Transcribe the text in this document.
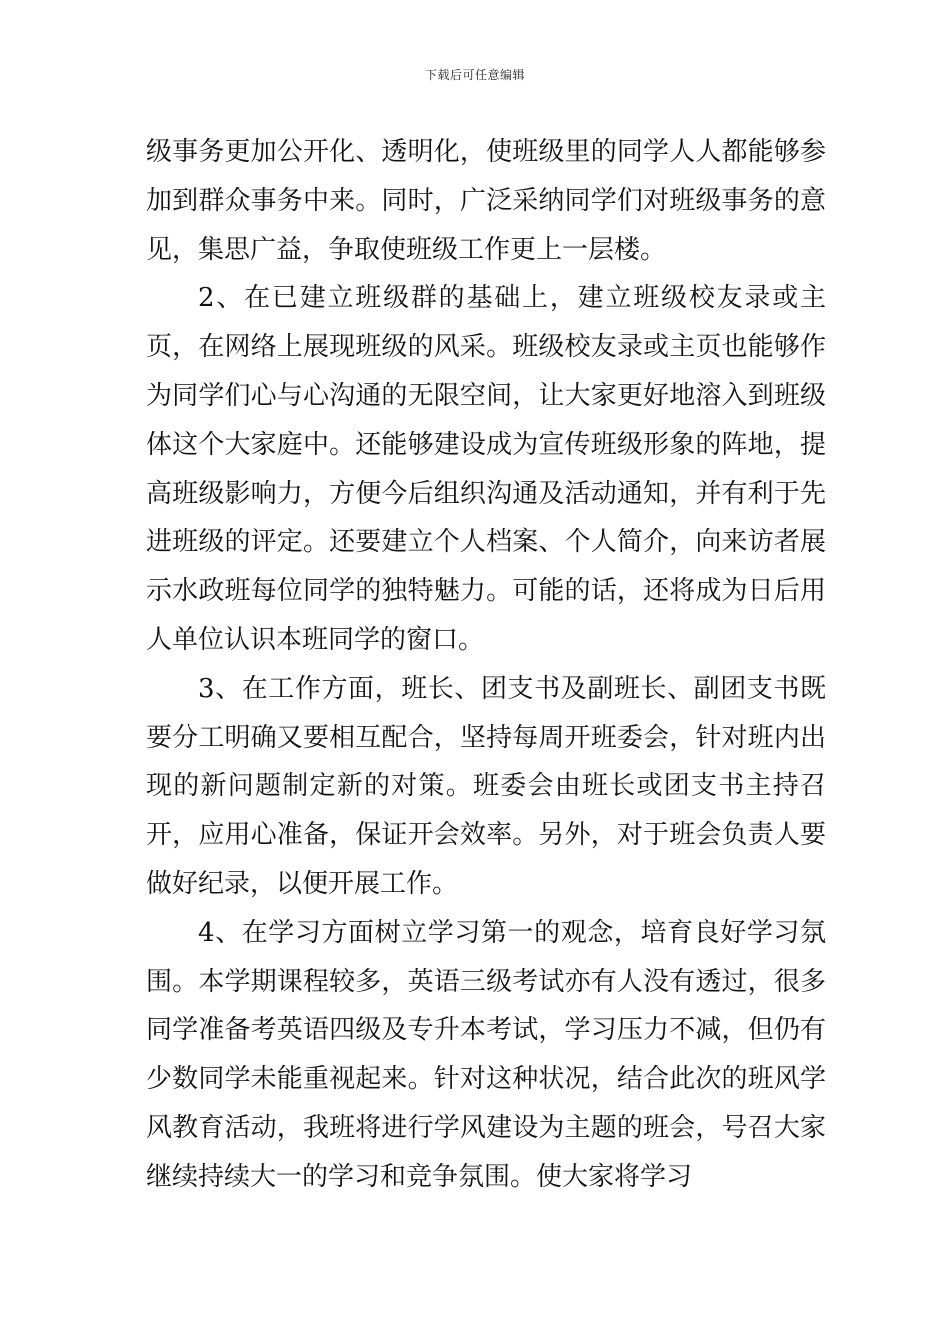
下载后可任意编辑

级事务更加公开化、透明化，使班级里的同学人人都能够参加到群众事务中来。同时，广泛采纳同学们对班级事务的意见，集思广益，争取使班级工作更上一层楼。

2、在已建立班级群的基础上，建立班级校友录或主页，在网络上展现班级的风采。班级校友录或主页也能够作为同学们心与心沟通的无限空间，让大家更好地溶入到班级体这个大家庭中。还能够建设成为宣传班级形象的阵地，提高班级影响力，方便今后组织沟通及活动通知，并有利于先进班级的评定。还要建立个人档案、个人简介，向来访者展示水政班每位同学的独特魅力。可能的话，还将成为日后用人单位认识本班同学的窗口。

3、在工作方面，班长、团支书及副班长、副团支书既要分工明确又要相互配合，坚持每周开班委会，针对班内出现的新问题制定新的对策。班委会由班长或团支书主持召开，应用心准备，保证开会效率。另外，对于班会负责人要做好纪录，以便开展工作。

4、在学习方面树立学习第一的观念，培育良好学习氛围。本学期课程较多，英语三级考试亦有人没有透过，很多同学准备考英语四级及专升本考试，学习压力不减，但仍有少数同学未能重视起来。针对这种状况，结合此次的班风学风教育活动，我班将进行学风建设为主题的班会，号召大家继续持续大一的学习和竞争氛围。使大家将学习
